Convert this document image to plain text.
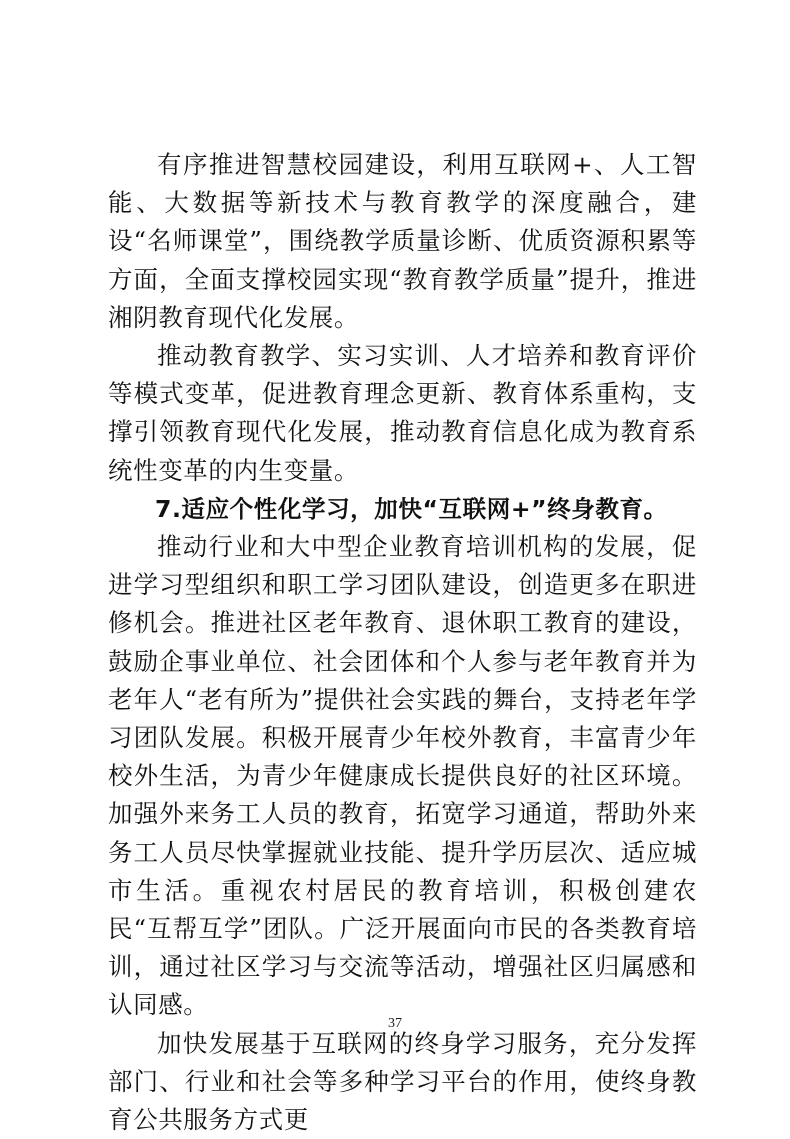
有序推进智慧校园建设，利用互联网+、人工智能、大数据等新技术与教育教学的深度融合，建设“名师课堂”，围绕教学质量诊断、优质资源积累等方面，全面支撑校园实现“教育教学质量”提升，推进湘阴教育现代化发展。

推动教育教学、实习实训、人才培养和教育评价等模式变革，促进教育理念更新、教育体系重构，支撑引领教育现代化发展，推动教育信息化成为教育系统性变革的内生变量。

7.适应个性化学习，加快“互联网+”终身教育。

推动行业和大中型企业教育培训机构的发展，促进学习型组织和职工学习团队建设，创造更多在职进修机会。推进社区老年教育、退休职工教育的建设，鼓励企事业单位、社会团体和个人参与老年教育并为老年人“老有所为”提供社会实践的舞台，支持老年学习团队发展。积极开展青少年校外教育，丰富青少年校外生活，为青少年健康成长提供良好的社区环境。加强外来务工人员的教育，拓宽学习通道，帮助外来务工人员尽快掌握就业技能、提升学历层次、适应城市生活。重视农村居民的教育培训，积极创建农民“互帮互学”团队。广泛开展面向市民的各类教育培训，通过社区学习与交流等活动，增强社区归属感和认同感。

加快发展基于互联网的终身学习服务，充分发挥部门、行业和社会等多种学习平台的作用，使终身教育公共服务方式更

37
